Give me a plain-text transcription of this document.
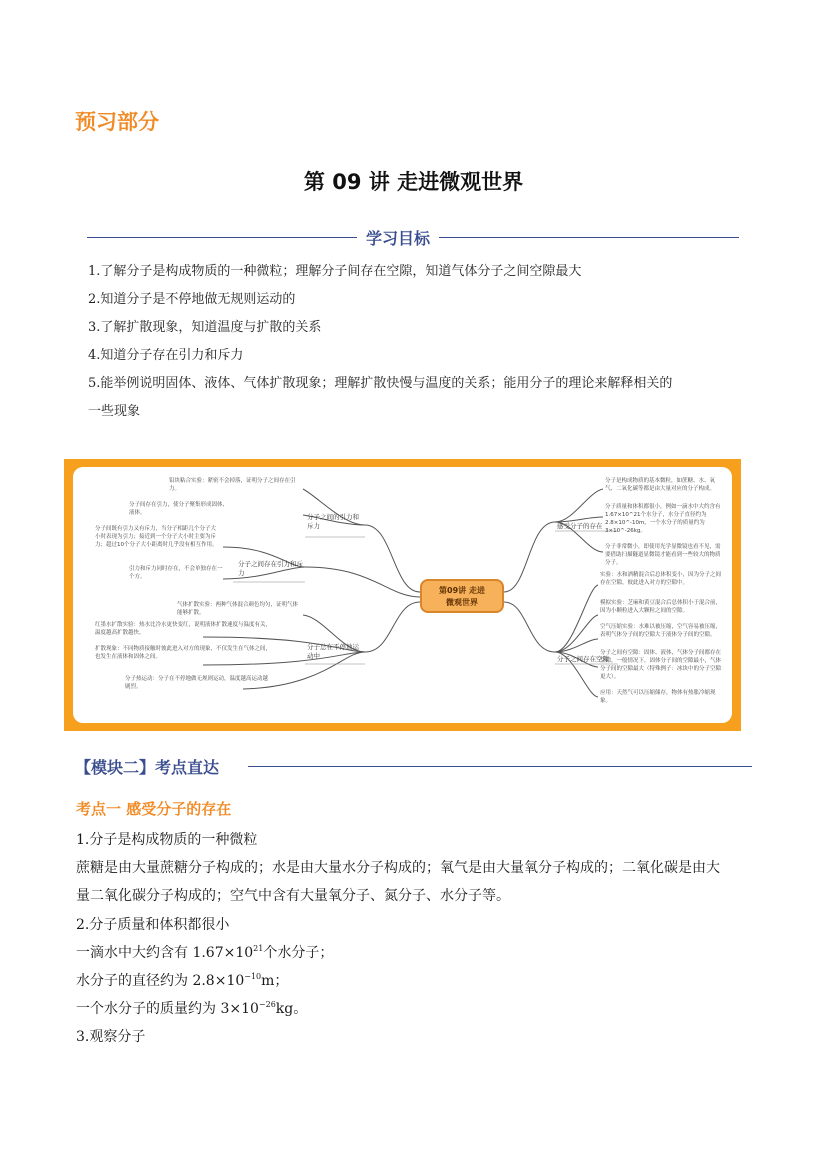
预习部分
第 09 讲 走进微观世界
学习目标
1.了解分子是构成物质的一种微粒；理解分子间存在空隙，知道气体分子之间空隙最大
2.知道分子是不停地做无规则运动的
3.了解扩散现象，知道温度与扩散的关系
4.知道分子存在引力和斥力
5.能举例说明固体、液体、气体扩散现象；理解扩散快慢与温度的关系；能用分子的理论来解释相关的
一些现象
第09讲 走进
微观世界
分子之间的引力和斥力
分子之间存在引力和斥力
分子总在不停地运动中
感受分子的存在
分子之间存在空隙
铅块粘合实验：紧密不会掉落，证明分子之间存在引力。
分子间存在引力，使分子聚集形成固体、液体。
分子间既有引力又有斥力，当分子相距几个分子大小时表现为引力；接近到一个分子大小时主要为斥力；超过10个分子大小距离时几乎没有相互作用。
引力和斥力同时存在，不会单独存在一个方。
气体扩散实验：两种气体混合颜色均匀，证明气体能够扩散。
红墨水扩散实验：热水比冷水更快变红，说明液体扩散速度与温度有关，温度越高扩散越快。
扩散现象：不同物质接触时彼此进入对方的现象，不仅发生在气体之间，也发生在液体和固体之间。
分子热运动：分子在不停地做无规则运动，温度越高运动越剧烈。
分子是构成物质的基本微粒，如蔗糖、水、氧气、二氧化碳等都是由大量对应的分子构成。
分子质量和体积都很小，例如一滴水中大约含有1.67×10^21个水分子，水分子直径约为2.8×10^-10m，一个水分子的质量约为3×10^-26kg。
分子非常微小，即使用光学显微镜也看不见，需要借助扫描隧道显微镜才能看到一些较大的物质分子。
实验：水和酒精混合后总体积变小，因为分子之间存在空隙，彼此进入对方的空隙中。
模拟实验：芝麻和黄豆混合后总体积小于混合前，因为小颗粒进入大颗粒之间的空隙。
空气压缩实验：水难以被压缩，空气容易被压缩，表明气体分子间的空隙大于液体分子间的空隙。
分子之间有空隙：固体、液体、气体分子间都存在空隙，一般情况下，固体分子间的空隙最小，气体分子间的空隙最大（特殊例子：冰块中的分子空隙更大）。
应用：天然气可以压缩储存，物体有热胀冷缩现象。
【模块二】考点直达
考点一 感受分子的存在
1.分子是构成物质的一种微粒
蔗糖是由大量蔗糖分子构成的；水是由大量水分子构成的；氧气是由大量氧分子构成的；二氧化碳是由大
量二氧化碳分子构成的；空气中含有大量氧分子、氮分子、水分子等。
2.分子质量和体积都很小
一滴水中大约含有 $1.67\times 10^{21}$个水分子；
水分子的直径约为 $2.8\times 10^{-10}m$；
一个水分子的质量约为 $3\times 10^{-26}kg$。
3.观察分子
